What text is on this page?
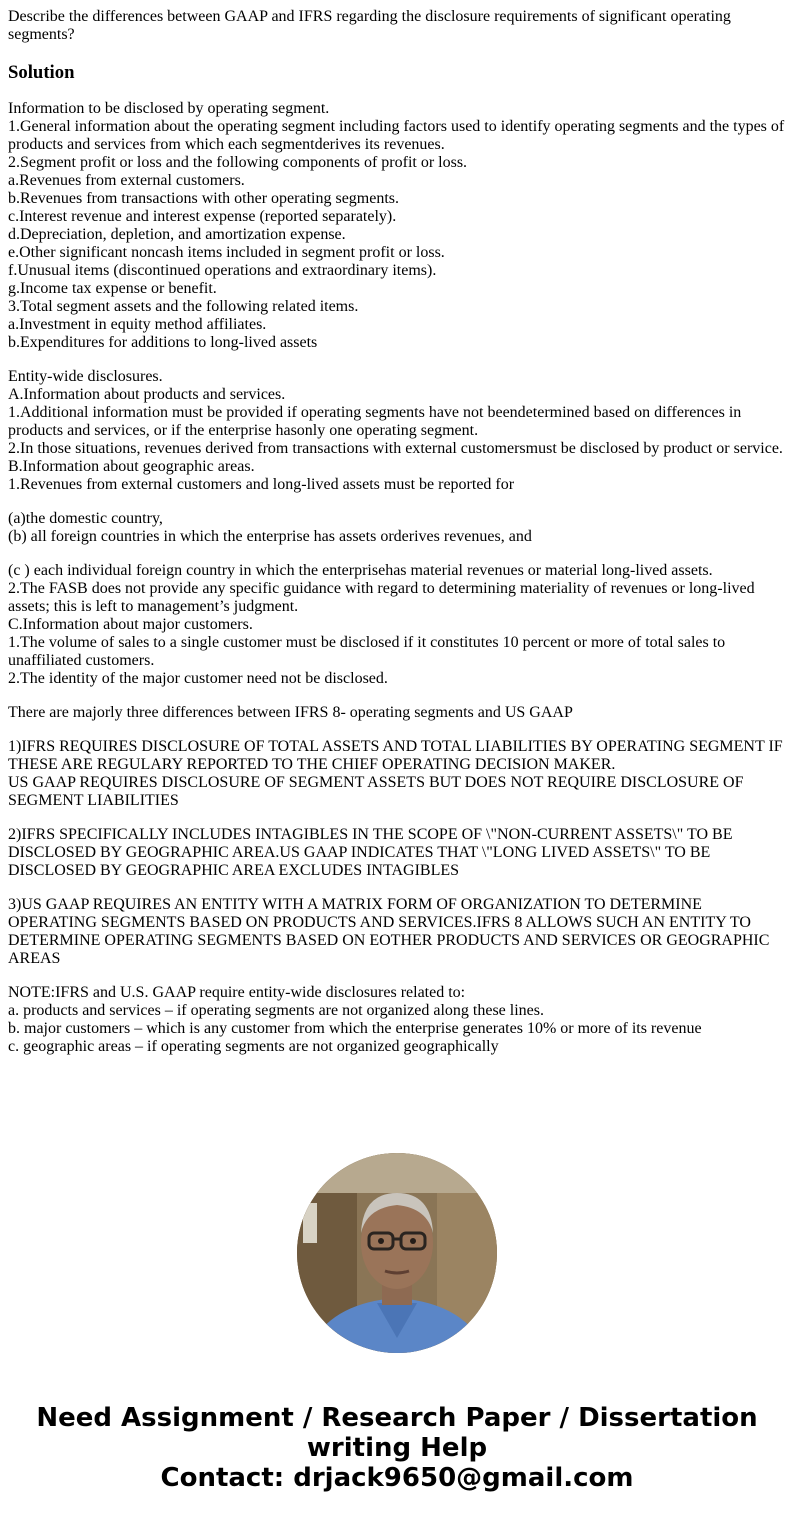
Describe the differences between GAAP and IFRS regarding the disclosure requirements of significant operating segments?

Solution
Information to be disclosed by operating segment.
1.General information about the operating segment including factors used to identify operating segments and the types of products and services from which each segmentderives its revenues.
2.Segment profit or loss and the following components of profit or loss.
a.Revenues from external customers.
b.Revenues from transactions with other operating segments.
c.Interest revenue and interest expense (reported separately).
d.Depreciation, depletion, and amortization expense.
e.Other significant noncash items included in segment profit or loss.
f.Unusual items (discontinued operations and extraordinary items).
g.Income tax expense or benefit.
3.Total segment assets and the following related items.
a.Investment in equity method affiliates.
b.Expenditures for additions to long-lived assets
Entity-wide disclosures.
A.Information about products and services.
1.Additional information must be provided if operating segments have not beendetermined based on differences in products and services, or if the enterprise hasonly one operating segment.
2.In those situations, revenues derived from transactions with external customersmust be disclosed by product or service.
B.Information about geographic areas.
1.Revenues from external customers and long-lived assets must be reported for
(a)the domestic country,
(b) all foreign countries in which the enterprise has assets orderives revenues, and
(c ) each individual foreign country in which the enterprisehas material revenues or material long-lived assets.
2.The FASB does not provide any specific guidance with regard to determining materiality of revenues or long-lived assets; this is left to management’s judgment.
C.Information about major customers.
1.The volume of sales to a single customer must be disclosed if it constitutes 10 percent or more of total sales to unaffiliated customers.
2.The identity of the major customer need not be disclosed.

There are majorly three differences between IFRS 8- operating segments and US GAAP

1)IFRS REQUIRES DISCLOSURE OF TOTAL ASSETS AND TOTAL LIABILITIES BY OPERATING SEGMENT IF THESE ARE REGULARY REPORTED TO THE CHIEF OPERATING DECISION MAKER.
US GAAP REQUIRES DISCLOSURE OF SEGMENT ASSETS BUT DOES NOT REQUIRE DISCLOSURE OF SEGMENT LIABILITIES

2)IFRS SPECIFICALLY INCLUDES INTAGIBLES IN THE SCOPE OF \"NON-CURRENT ASSETS\" TO BE DISCLOSED BY GEOGRAPHIC AREA.US GAAP INDICATES THAT \"LONG LIVED ASSETS\" TO BE DISCLOSED BY GEOGRAPHIC AREA EXCLUDES INTAGIBLES

3)US GAAP REQUIRES AN ENTITY WITH A MATRIX FORM OF ORGANIZATION TO DETERMINE OPERATING SEGMENTS BASED ON PRODUCTS AND SERVICES.IFRS 8 ALLOWS SUCH AN ENTITY TO DETERMINE OPERATING SEGMENTS BASED ON EOTHER PRODUCTS AND SERVICES OR GEOGRAPHIC AREAS

NOTE:IFRS and U.S. GAAP require entity-wide disclosures related to:
a. products and services – if operating segments are not organized along these lines.
b. major customers – which is any customer from which the enterprise generates 10% or more of its revenue
c. geographic areas – if operating segments are not organized geographically
Need Assignment / Research Paper / Dissertation writing Help
Contact: drjack9650@gmail.com
